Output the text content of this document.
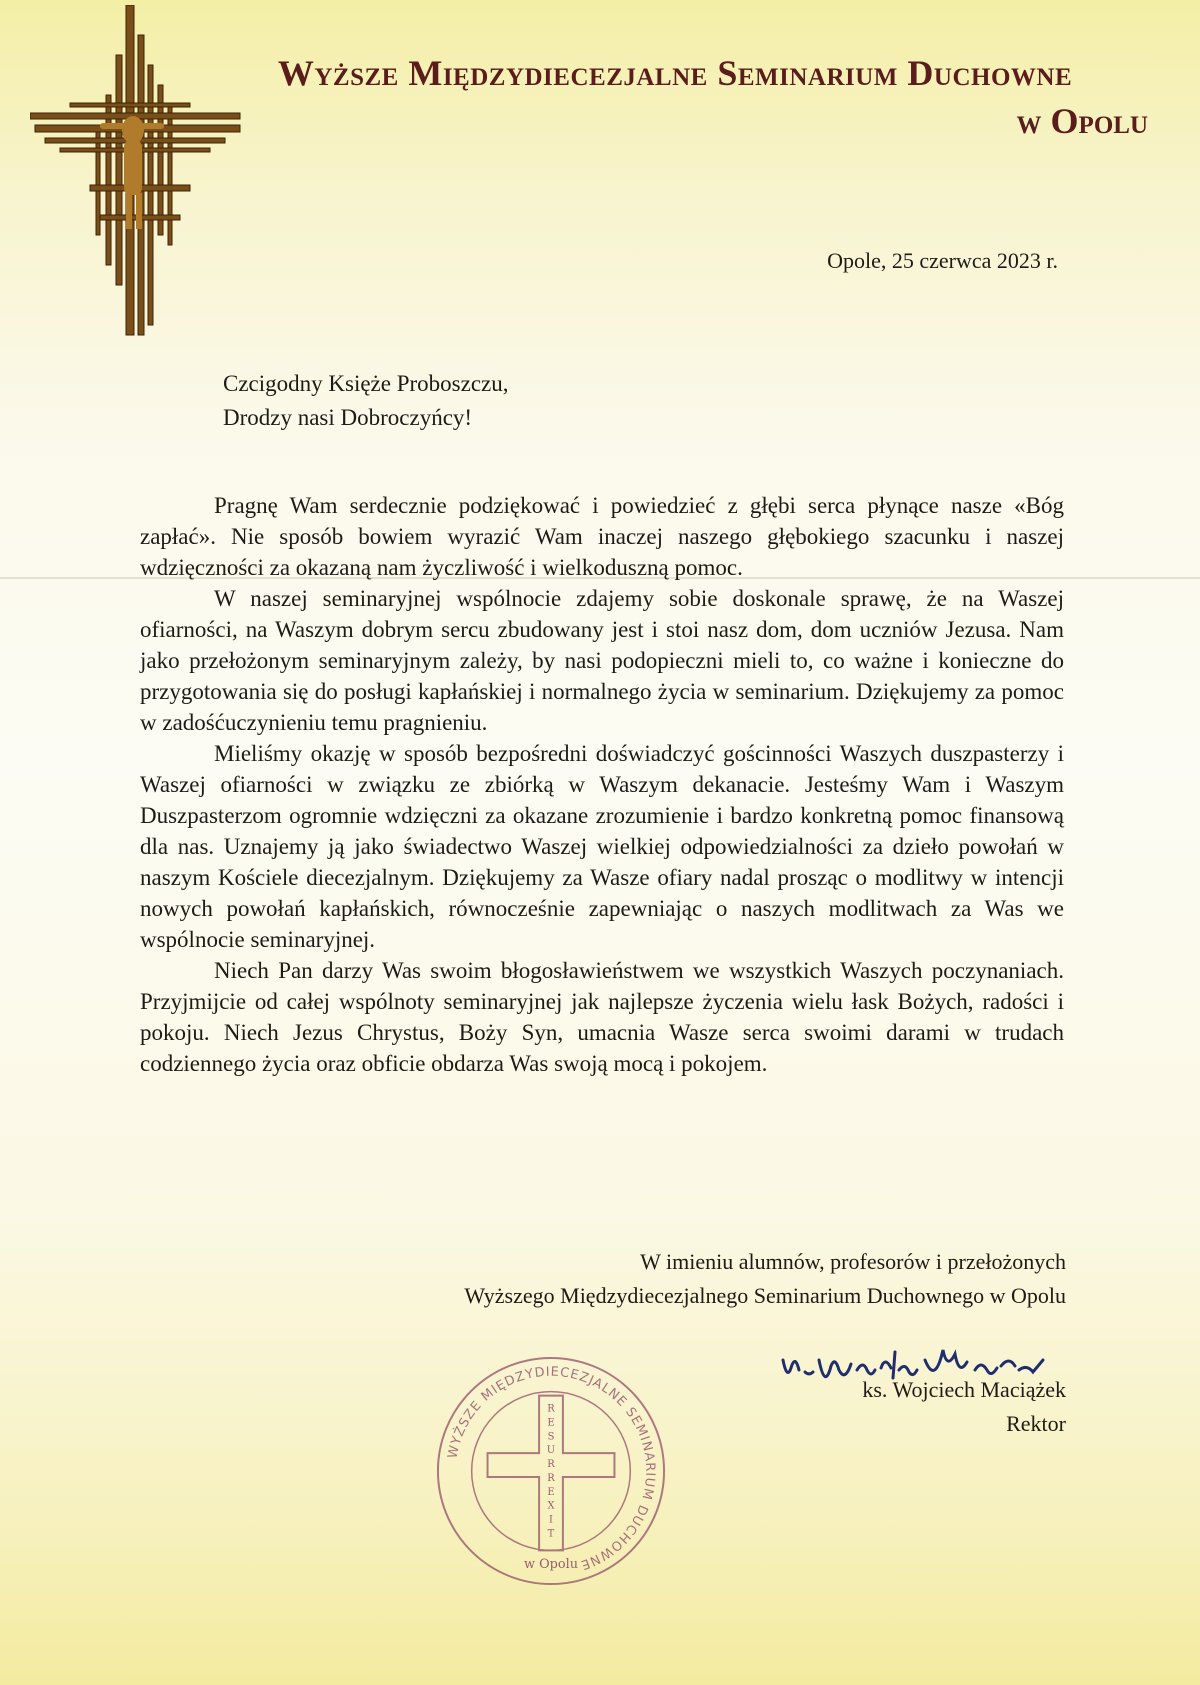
Wyższe Międzydiecezjalne Seminarium Duchowne
w Opolu
Opole, 25 czerwca 2023 r.
Czcigodny Księże Proboszczu,
Drodzy nasi Dobroczyńcy!

Pragnę Wam serdecznie podziękować i powiedzieć z głębi serca płynące nasze «Bóg zapłać». Nie sposób bowiem wyrazić Wam inaczej naszego głębokiego szacunku i naszej wdzięczności za okazaną nam życzliwość i wielkoduszną pomoc.

W naszej seminaryjnej wspólnocie zdajemy sobie doskonale sprawę, że na Waszej ofiarności, na Waszym dobrym sercu zbudowany jest i stoi nasz dom, dom uczniów Jezusa. Nam jako przełożonym seminaryjnym zależy, by nasi podopieczni mieli to, co ważne i konieczne do przygotowania się do posługi kapłańskiej i normalnego życia w seminarium. Dziękujemy za pomoc w zadośćuczynieniu temu pragnieniu.

Mieliśmy okazję w sposób bezpośredni doświadczyć gościnności Waszych duszpasterzy i Waszej ofiarności w związku ze zbiórką w Waszym dekanacie. Jesteśmy Wam i Waszym Duszpasterzom ogromnie wdzięczni za okazane zrozumienie i bardzo konkretną pomoc finansową dla nas. Uznajemy ją jako świadectwo Waszej wielkiej odpowiedzialności za dzieło powołań w naszym Kościele diecezjalnym. Dziękujemy za Wasze ofiary nadal prosząc o modlitwy w intencji nowych powołań kapłańskich, równocześnie zapewniając o naszych modlitwach za Was we wspólnocie seminaryjnej.

Niech Pan darzy Was swoim błogosławieństwem we wszystkich Waszych poczynaniach. Przyjmijcie od całej wspólnoty seminaryjnej jak najlepsze życzenia wielu łask Bożych, radości i pokoju. Niech Jezus Chrystus, Boży Syn, umacnia Wasze serca swoimi darami w trudach codziennego życia oraz obficie obdarza Was swoją mocą i pokojem.

W imieniu alumnów, profesorów i przełożonych
Wyższego Międzydiecezjalnego Seminarium Duchownego w Opolu
ks. Wojciech Maciążek
Rektor
WYŻSZE MIĘDZYDIECEZJALNE SEMINARIUM DUCHOWNE
w Opolu
R E S U R R E X I T
